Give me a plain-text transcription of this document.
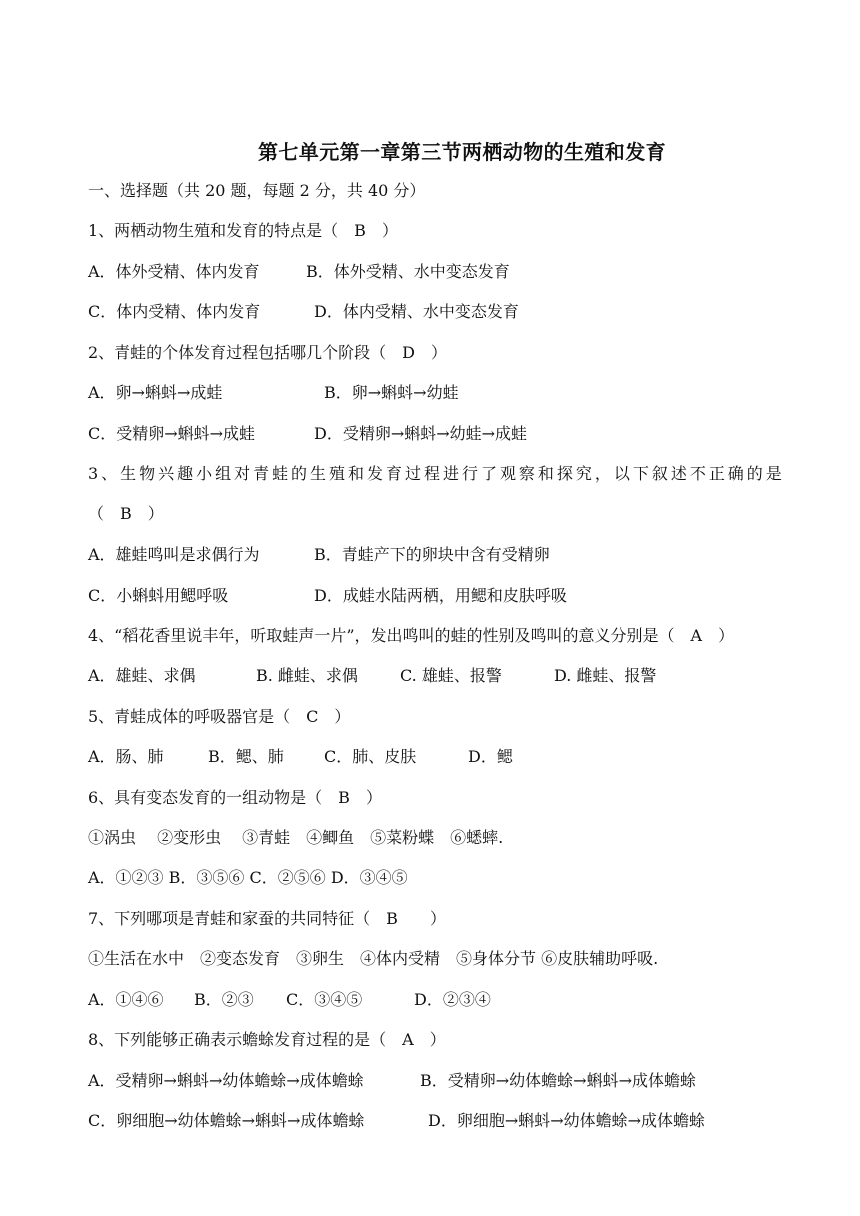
第七单元第一章第三节两栖动物的生殖和发育
一、选择题（共 20 题，每题 2 分，共 40 分）
1、两栖动物生殖和发育的特点是（　B　）
A．体外受精、体内发育	B．体外受精、水中变态发育
C．体内受精、体内发育	D．体内受精、水中变态发育
2、青蛙的个体发育过程包括哪几个阶段（　D　）
A．卵→蝌蚪→成蛙	B．卵→蝌蚪→幼蛙
C．受精卵→蝌蚪→成蛙	D．受精卵→蝌蚪→幼蛙→成蛙
3、生物兴趣小组对青蛙的生殖和发育过程进行了观察和探究，以下叙述不正确的是
（　B　）
A．雄蛙鸣叫是求偶行为	B．青蛙产下的卵块中含有受精卵
C．小蝌蚪用鳃呼吸	D．成蛙水陆两栖，用鳃和皮肤呼吸
4、“稻花香里说丰年，听取蛙声一片”，发出鸣叫的蛙的性别及鸣叫的意义分别是（　A　）
A．雄蛙、求偶	B. 雌蛙、求偶	C. 雄蛙、报警	D. 雌蛙、报警
5、青蛙成体的呼吸器官是（　C　）
A．肠、肺	B．鳃、肺	C．肺、皮肤	D．鳃
6、具有变态发育的一组动物是（　B　）
①涡虫　 ②变形虫　 ③青蛙　④鲫鱼　⑤菜粉蝶　⑥蟋蟀.
A．①②③ B．③⑤⑥ C．②⑤⑥ D．③④⑤
7、下列哪项是青蛙和家蚕的共同特征（　B　　）
①生活在水中　②变态发育　③卵生　④体内受精　⑤身体分节 ⑥皮肤辅助呼吸.
A．①④⑥ B．②③ C．③④⑤	D．②③④
8、下列能够正确表示蟾蜍发育过程的是（　A　）
A．受精卵→蝌蚪→幼体蟾蜍→成体蟾蜍	B．受精卵→幼体蟾蜍→蝌蚪→成体蟾蜍
C．卵细胞→幼体蟾蜍→蝌蚪→成体蟾蜍	D．卵细胞→蝌蚪→幼体蟾蜍→成体蟾蜍
